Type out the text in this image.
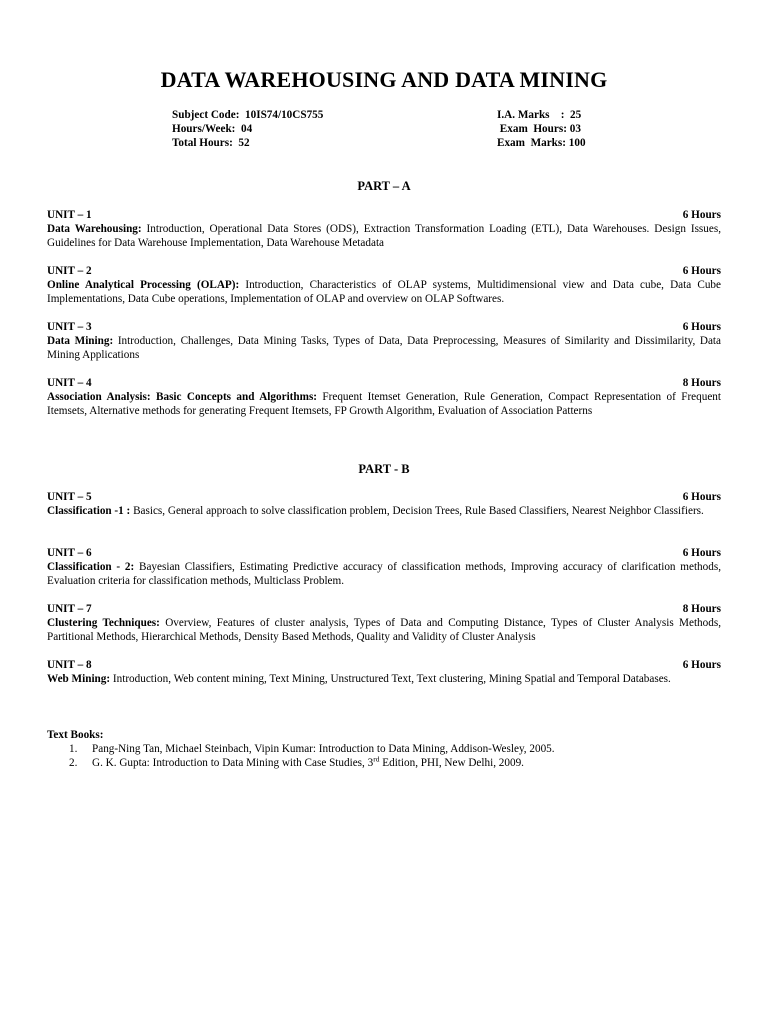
DATA WAREHOUSING AND DATA MINING
Subject Code:  10IS74/10CS755
Hours/Week:  04
Total Hours:  52
I.A. Marks    :  25
Exam  Hours: 03
Exam  Marks: 100
PART – A
UNIT – 1	6 Hours
Data Warehousing: Introduction, Operational Data Stores (ODS), Extraction Transformation Loading (ETL), Data Warehouses. Design Issues, Guidelines for Data Warehouse Implementation, Data Warehouse Metadata
UNIT – 2	6 Hours
Online Analytical Processing (OLAP): Introduction, Characteristics of OLAP systems, Multidimensional view and Data cube, Data Cube Implementations, Data Cube operations, Implementation of OLAP and overview on OLAP Softwares.
UNIT – 3	6 Hours
Data Mining: Introduction, Challenges, Data Mining Tasks, Types of Data, Data Preprocessing, Measures of Similarity and Dissimilarity, Data Mining Applications
UNIT – 4	8 Hours
Association Analysis: Basic Concepts and Algorithms: Frequent Itemset Generation, Rule Generation, Compact Representation of Frequent Itemsets, Alternative methods for generating Frequent Itemsets, FP Growth Algorithm, Evaluation of Association Patterns
PART - B
UNIT – 5	6 Hours
Classification -1 : Basics, General approach to solve classification problem, Decision Trees, Rule Based Classifiers, Nearest Neighbor Classifiers.
UNIT – 6	6 Hours
Classification - 2: Bayesian Classifiers, Estimating Predictive accuracy of classification methods, Improving accuracy of clarification methods, Evaluation criteria for classification methods, Multiclass Problem.
UNIT – 7	8 Hours
Clustering Techniques: Overview, Features of cluster analysis, Types of Data and Computing Distance, Types of Cluster Analysis Methods, Partitional Methods, Hierarchical Methods, Density Based Methods, Quality and Validity of Cluster Analysis
UNIT – 8	6 Hours
Web Mining: Introduction, Web content mining, Text Mining, Unstructured Text, Text clustering, Mining Spatial and Temporal Databases.
Text Books:
1. Pang-Ning Tan, Michael Steinbach, Vipin Kumar: Introduction to Data Mining, Addison-Wesley, 2005.
2. G. K. Gupta: Introduction to Data Mining with Case Studies, 3rd Edition, PHI, New Delhi, 2009.
